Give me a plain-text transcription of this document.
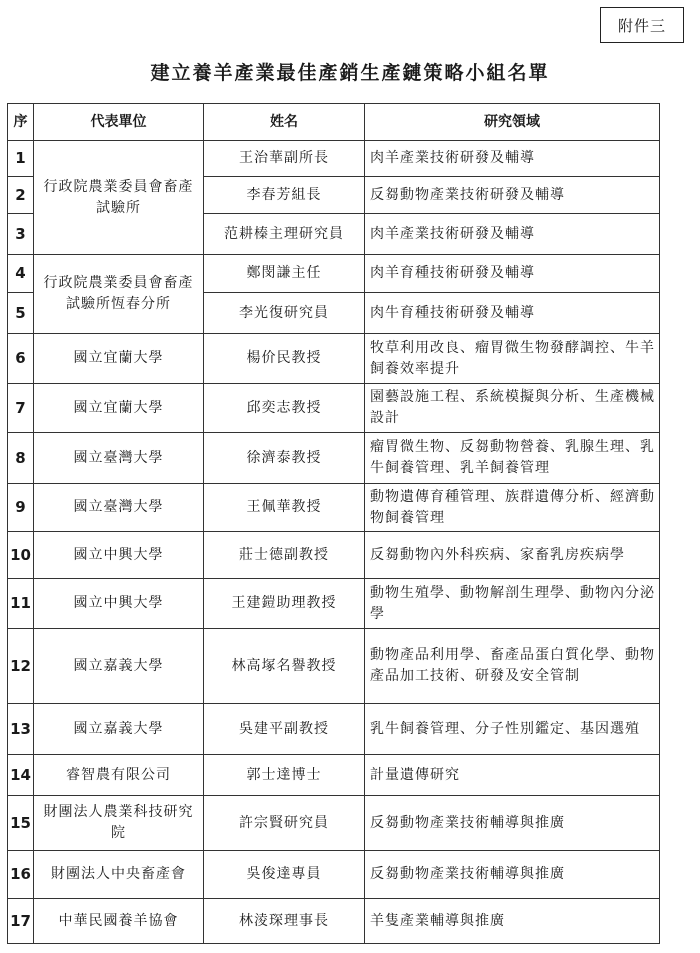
附件三
建立養羊產業最佳產銷生產鏈策略小組名單
序	代表單位	姓名	研究領域
1	行政院農業委員會畜產試驗所	王治華副所長	肉羊產業技術研發及輔導
2		李春芳組長	反芻動物產業技術研發及輔導
3		范耕榛主理研究員	肉羊產業技術研發及輔導
4	行政院農業委員會畜產試驗所恆春分所	鄭閔謙主任	肉羊育種技術研發及輔導
5		李光復研究員	肉牛育種技術研發及輔導
6	國立宜蘭大學	楊价民教授	牧草利用改良、瘤胃微生物發酵調控、牛羊飼養效率提升
7	國立宜蘭大學	邱奕志教授	園藝設施工程、系統模擬與分析、生產機械設計
8	國立臺灣大學	徐濟泰教授	瘤胃微生物、反芻動物營養、乳腺生理、乳牛飼養管理、乳羊飼養管理
9	國立臺灣大學	王佩華教授	動物遺傳育種管理、族群遺傳分析、經濟動物飼養管理
10	國立中興大學	莊士德副教授	反芻動物內外科疾病、家畜乳房疾病學
11	國立中興大學	王建鎧助理教授	動物生殖學、動物解剖生理學、動物內分泌學
12	國立嘉義大學	林高塚名譽教授	動物產品利用學、畜產品蛋白質化學、動物產品加工技術、研發及安全管制
13	國立嘉義大學	吳建平副教授	乳牛飼養管理、分子性別鑑定、基因選殖
14	睿智農有限公司	郭士達博士	計量遺傳研究
15	財團法人農業科技研究院	許宗賢研究員	反芻動物產業技術輔導與推廣
16	財團法人中央畜產會	吳俊達專員	反芻動物產業技術輔導與推廣
17	中華民國養羊協會	林淩琛理事長	羊隻產業輔導與推廣
